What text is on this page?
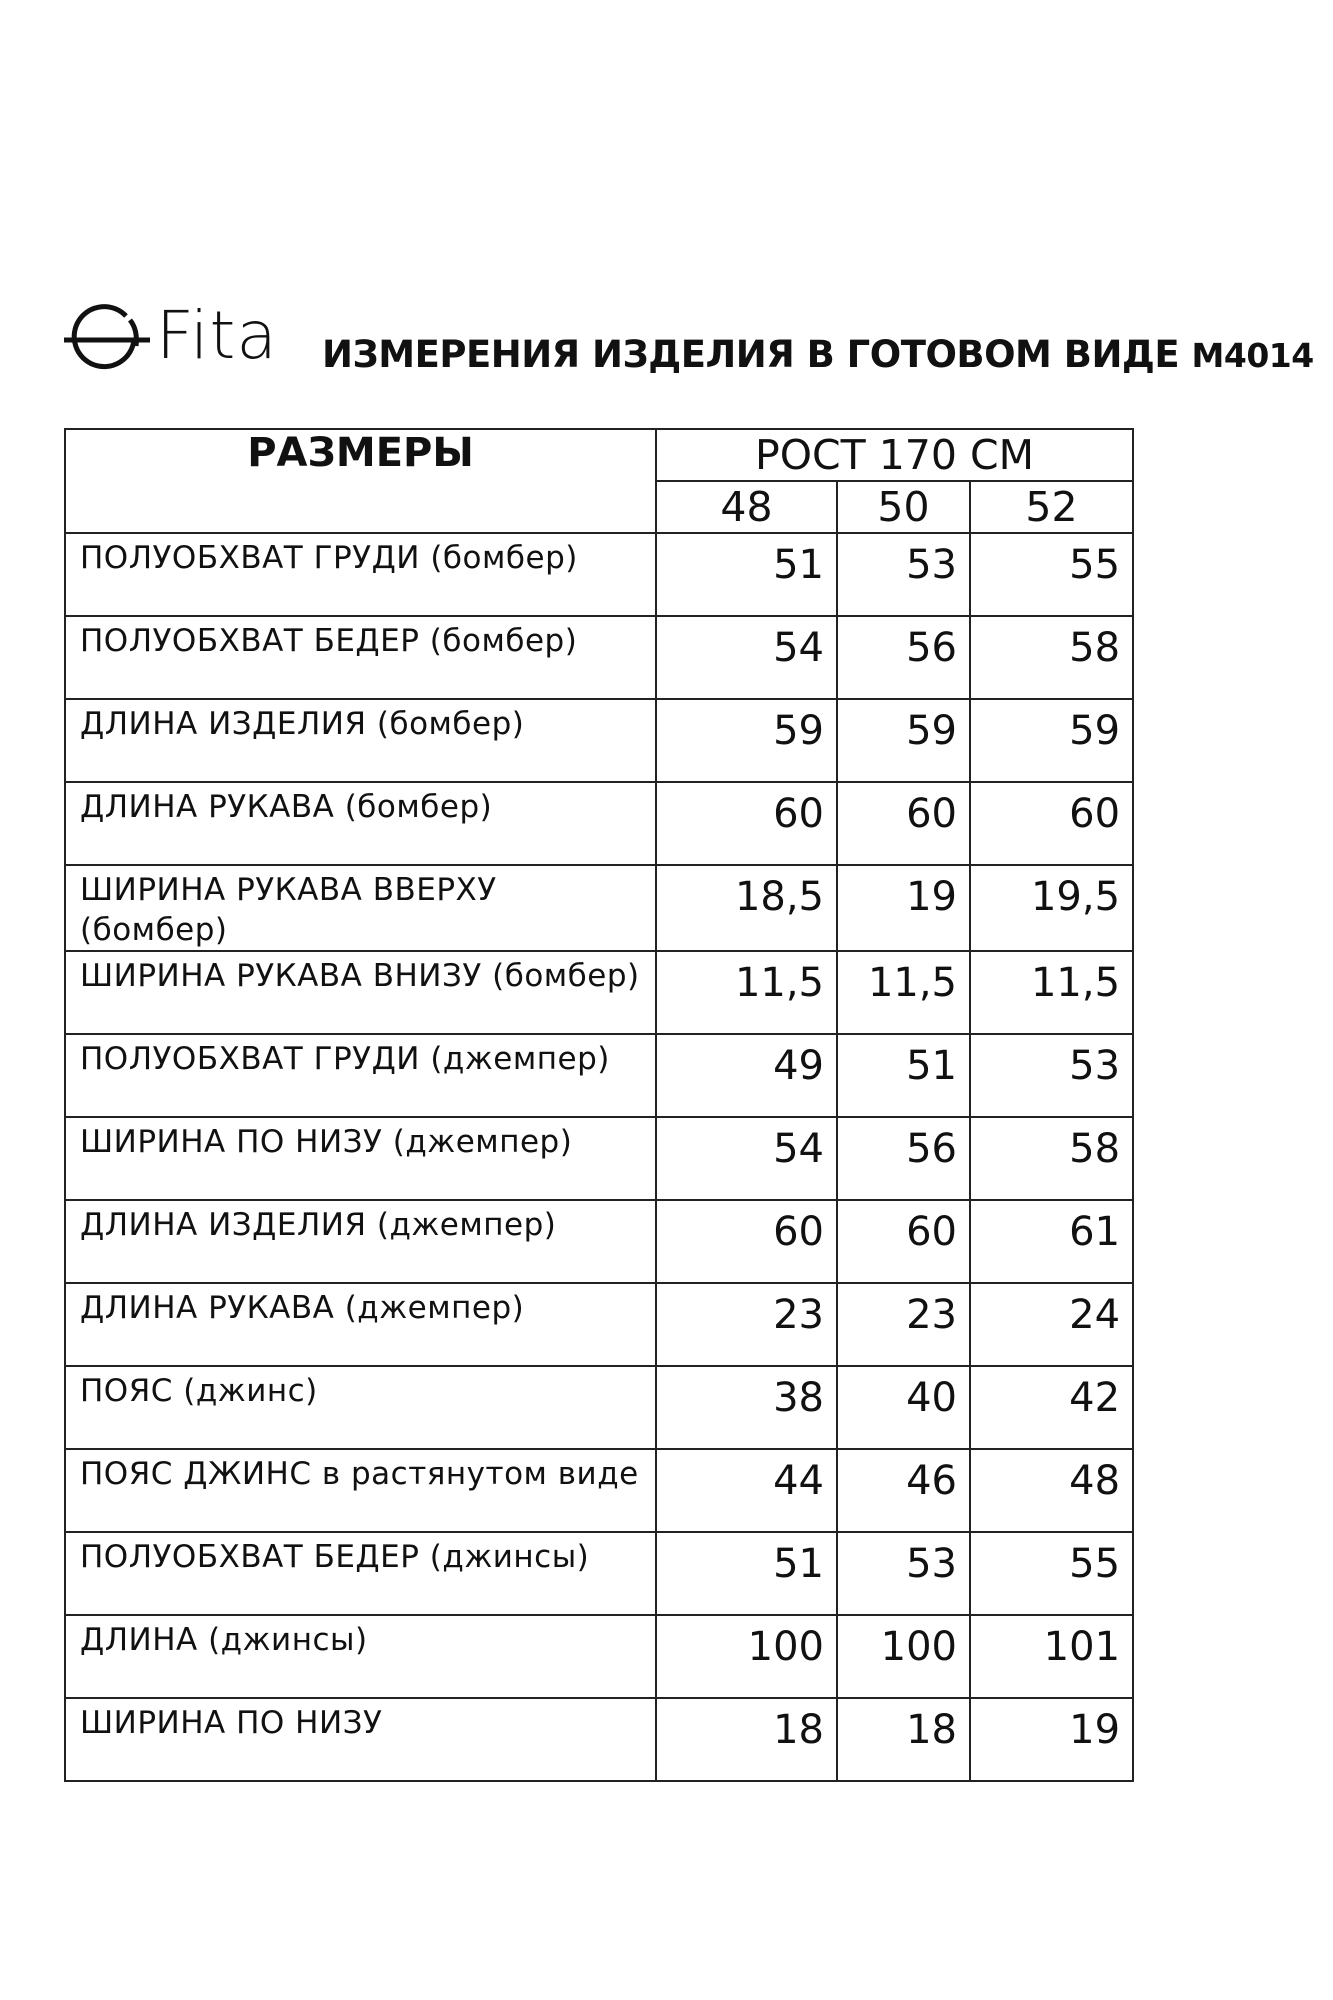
Fita ИЗМЕРЕНИЯ ИЗДЕЛИЯ В ГОТОВОМ ВИДЕ М4014
РАЗМЕРЫ	РОСТ 170 СМ		
	48	50	52
ПОЛУОБХВАТ ГРУДИ (бомбер)	51	53	55
ПОЛУОБХВАТ БЕДЕР (бомбер)	54	56	58
ДЛИНА ИЗДЕЛИЯ (бомбер)	59	59	59
ДЛИНА РУКАВА (бомбер)	60	60	60
ШИРИНА РУКАВА ВВЕРХУ (бомбер)	18,5	19	19,5
ШИРИНА РУКАВА ВНИЗУ (бомбер)	11,5	11,5	11,5
ПОЛУОБХВАТ ГРУДИ (джемпер)	49	51	53
ШИРИНА ПО НИЗУ (джемпер)	54	56	58
ДЛИНА ИЗДЕЛИЯ (джемпер)	60	60	61
ДЛИНА РУКАВА (джемпер)	23	23	24
ПОЯС (джинс)	38	40	42
ПОЯС ДЖИНС в растянутом виде	44	46	48
ПОЛУОБХВАТ БЕДЕР (джинсы)	51	53	55
ДЛИНА (джинсы)	100	100	101
ШИРИНА ПО НИЗУ	18	18	19
